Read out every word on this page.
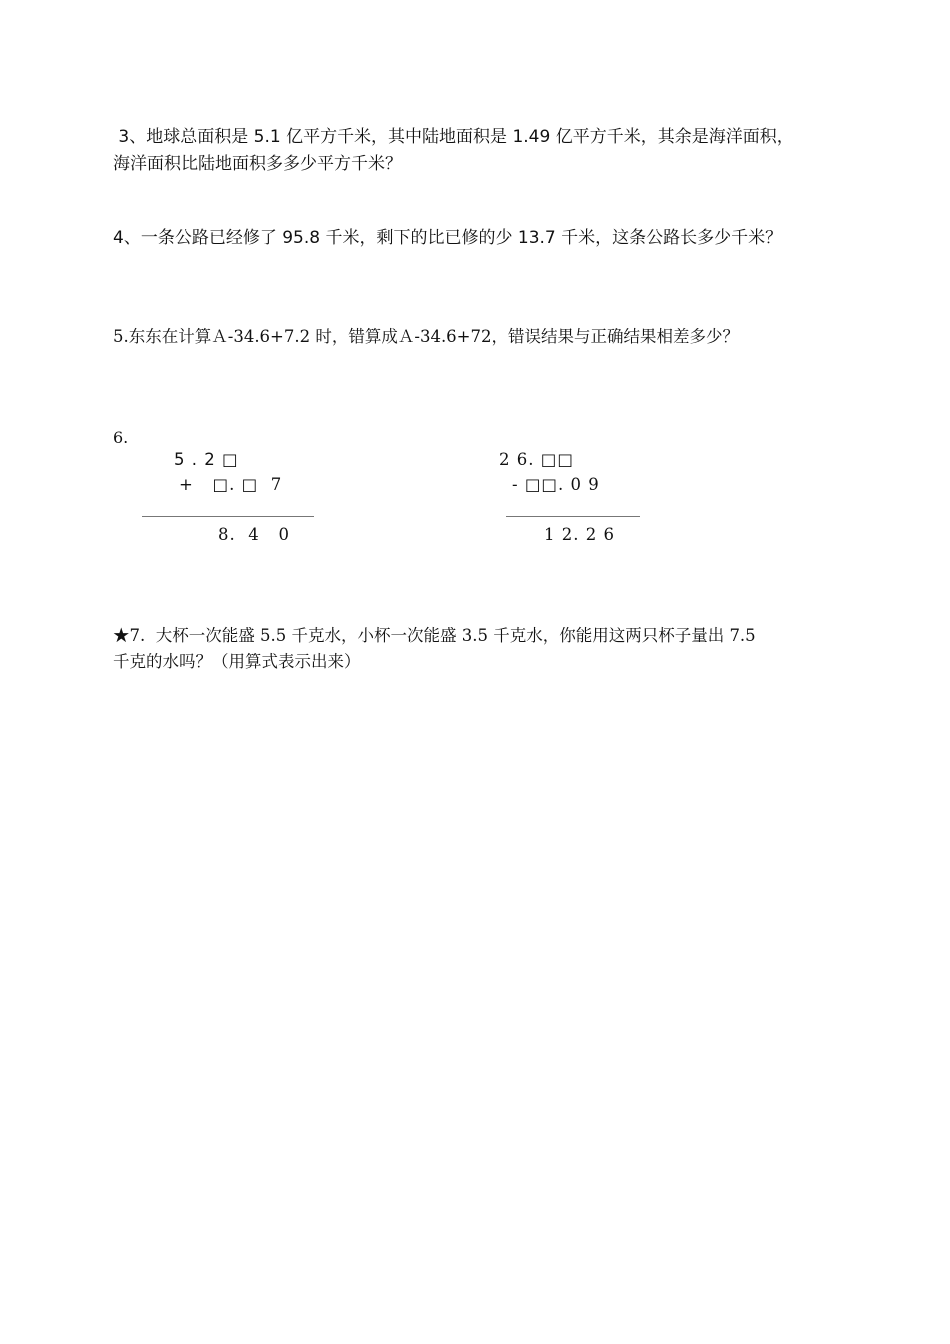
3、地球总面积是 5.1 亿平方千米，其中陆地面积是 1.49 亿平方千米，其余是海洋面积，
海洋面积比陆地面积多多少平方千米？
4、一条公路已经修了 95.8 千米，剩下的比已修的少 13.7 千米，这条公路长多少千米？
5.东东在计算Ａ-34.6+7.2 时，错算成Ａ-34.6+72，错误结果与正确结果相差多少？
6.
5 . 2 □
+   □. □  7
8.  4   0
2 6. □□
- □□. 0 9
1 2. 2 6
★7.  大杯一次能盛 5.5 千克水，小杯一次能盛 3.5 千克水，你能用这两只杯子量出 7.5
千克的水吗？（用算式表示出来）
